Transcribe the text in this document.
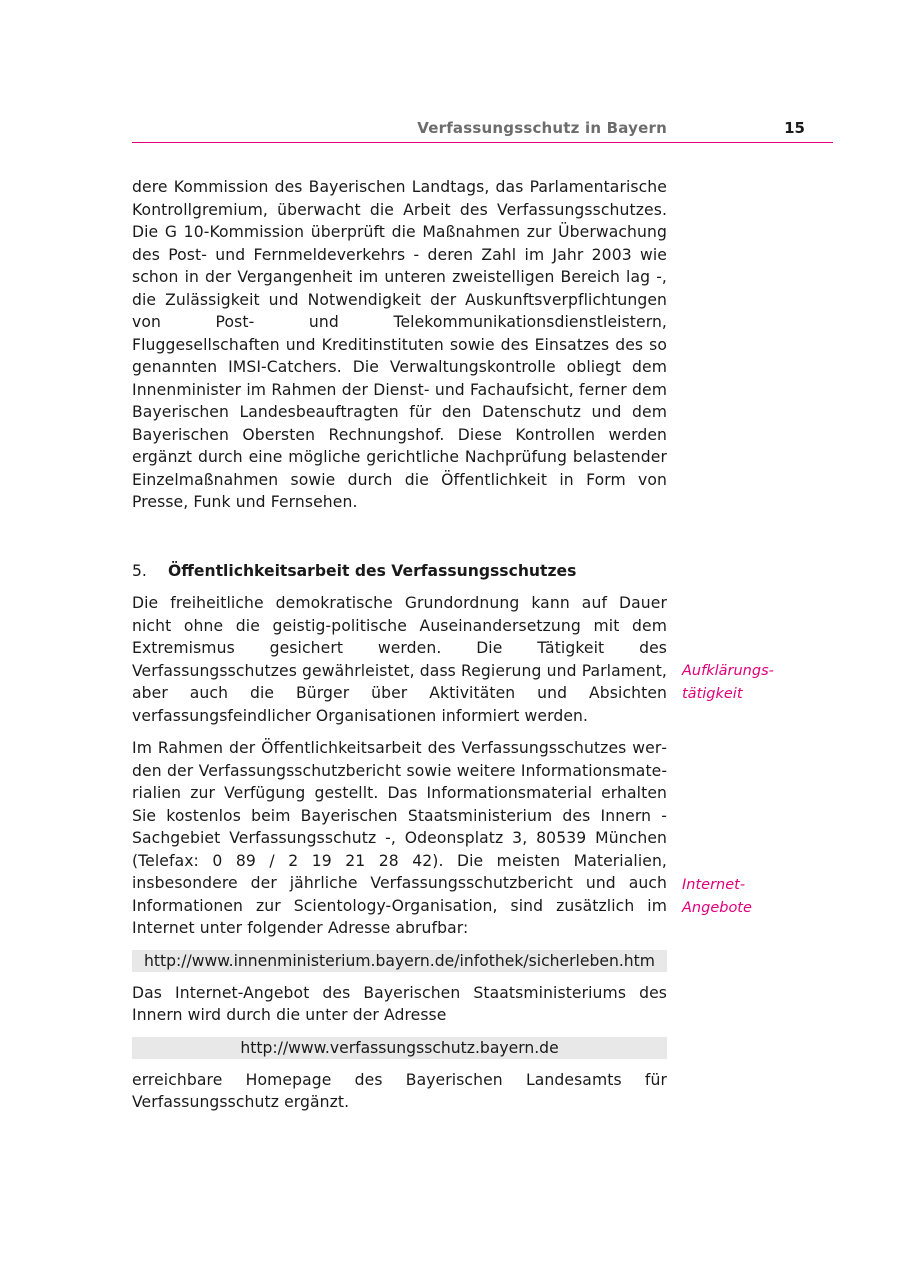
Verfassungsschutz in Bayern	15

dere Kommission des Bayerischen Landtags, das Parlamentarische Kontrollgremium, überwacht die Arbeit des Verfassungsschutzes. Die G 10-Kommission überprüft die Maßnahmen zur Überwachung des Post- und Fernmeldeverkehrs - deren Zahl im Jahr 2003 wie schon in der Vergangenheit im unteren zweistelligen Bereich lag -, die Zulässigkeit und Notwendigkeit der Auskunftsverpflichtungen von Post- und Telekommunikationsdienstleistern, Fluggesellschaften und Kreditinstituten sowie des Einsatzes des so genannten IMSI-Catchers. Die Verwaltungskontrolle obliegt dem Innenminister im Rahmen der Dienst- und Fachaufsicht, ferner dem Bayerischen Landesbeauftragten für den Datenschutz und dem Bayerischen Obersten Rechnungshof. Diese Kontrollen werden ergänzt durch eine mögliche gerichtliche Nachprüfung belastender Einzelmaßnahmen sowie durch die Öffentlichkeit in Form von Presse, Funk und Fernsehen.

5.	Öffentlichkeitsarbeit des Verfassungsschutzes

Die freiheitliche demokratische Grundordnung kann auf Dauer nicht ohne die geistig-politische Auseinandersetzung mit dem Extremismus gesichert werden. Die Tätigkeit des Verfassungsschutzes gewährleistet, dass Regierung und Parlament, aber auch die Bürger über Aktivitäten und Absichten verfassungsfeindlicher Organisationen informiert werden.

Im Rahmen der Öffentlichkeitsarbeit des Verfassungsschutzes werden der Verfassungsschutzbericht sowie weitere Informationsmaterialien zur Verfügung gestellt. Das Informationsmaterial erhalten Sie kostenlos beim Bayerischen Staatsministerium des Innern - Sachgebiet Verfassungsschutz -, Odeonsplatz 3, 80539 München (Telefax: 0 89 / 2 19 21 28 42). Die meisten Materialien, insbesondere der jährliche Verfassungsschutzbericht und auch Informationen zur Scientology-Organisation, sind zusätzlich im Internet unter folgender Adresse abrufbar:

http://www.innenministerium.bayern.de/infothek/sicherleben.htm

Das Internet-Angebot des Bayerischen Staatsministeriums des Innern wird durch die unter der Adresse

http://www.verfassungsschutz.bayern.de

erreichbare Homepage des Bayerischen Landesamts für Verfassungsschutz ergänzt.

Aufklärungs-
tätigkeit
Internet-
Angebote
